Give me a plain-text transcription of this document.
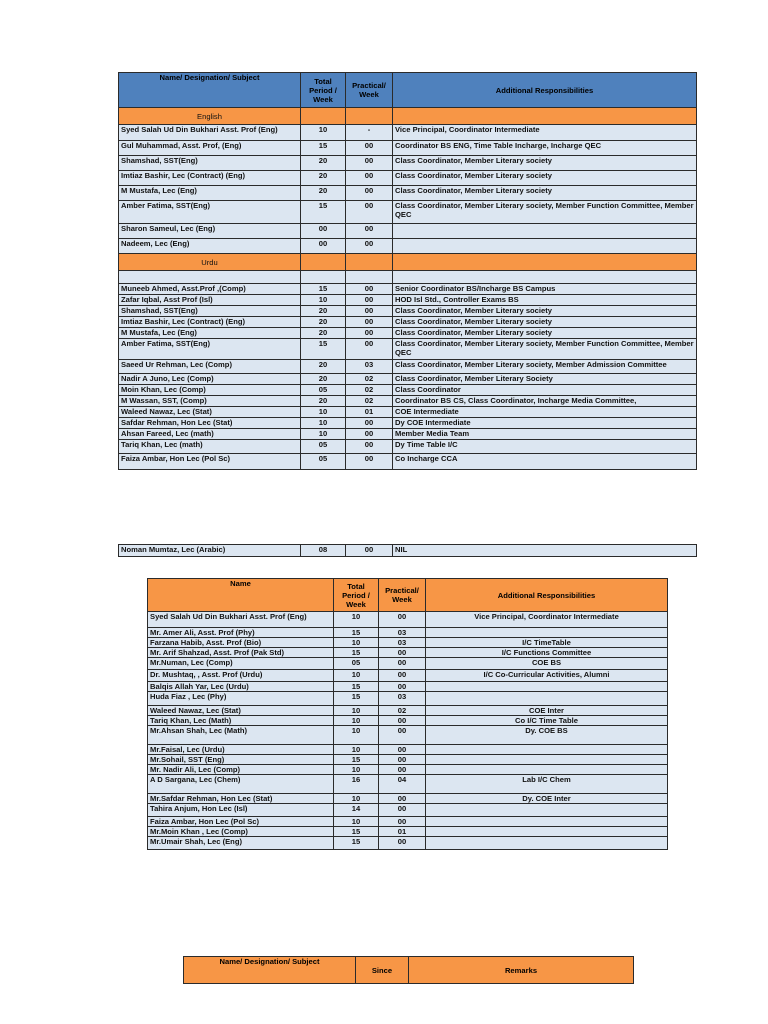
Name/ Designation/ Subject	Total Period / Week	Practical/ Week	Additional Responsibilities
English			
Syed Salah Ud Din Bukhari Asst. Prof (Eng)	10	-	Vice Principal, Coordinator Intermediate
Gul Muhammad, Asst. Prof, (Eng)	15	00	Coordinator BS ENG, Time Table Incharge, Incharge QEC
Shamshad, SST(Eng)	20	00	Class Coordinator, Member Literary society
Imtiaz Bashir, Lec (Contract) (Eng)	20	00	Class Coordinator, Member Literary society
M Mustafa, Lec (Eng)	20	00	Class Coordinator, Member Literary society
Amber Fatima, SST(Eng)	15	00	Class Coordinator, Member Literary society, Member Function Committee, Member QEC
Sharon Sameul, Lec (Eng)	00	00	
Nadeem, Lec (Eng)	00	00	
Urdu			

Muneeb Ahmed, Asst.Prof ,(Comp)	15	00	Senior Coordinator BS/Incharge BS Campus
Zafar Iqbal, Asst Prof (Isl)	10	00	HOD Isl Std., Controller Exams BS
Shamshad, SST(Eng)	20	00	Class Coordinator, Member Literary society
Imtiaz Bashir, Lec (Contract) (Eng)	20	00	Class Coordinator, Member Literary society
M Mustafa, Lec (Eng)	20	00	Class Coordinator, Member Literary society
Amber Fatima, SST(Eng)	15	00	Class Coordinator, Member Literary society, Member Function Committee, Member QEC
Saeed Ur Rehman, Lec (Comp)	20	03	Class Coordinator, Member Literary society, Member Admission Committee
Nadir A Juno, Lec (Comp)	20	02	Class Coordinator, Member Literary Society
Moin Khan, Lec (Comp)	05	02	Class Coordinator
M Wassan, SST, (Comp)	20	02	Coordinator BS CS, Class Coordinator, Incharge Media Committee,
Waleed Nawaz, Lec (Stat)	10	01	COE Intermediate
Safdar Rehman, Hon Lec (Stat)	10	00	Dy COE Intermediate
Ahsan Fareed, Lec (math)	10	00	Member Media Team
Tariq Khan, Lec (math)	05	00	Dy Time Table I/C
Faiza Ambar, Hon Lec (Pol Sc)	05	00	Co Incharge CCA
Noman Mumtaz, Lec (Arabic)	08	00	NIL
Name	Total Period / Week	Practical/ Week	Additional Responsibilities
Syed Salah Ud Din Bukhari Asst. Prof (Eng)	10	00	Vice Principal, Coordinator Intermediate
Mr. Amer Ali, Asst. Prof (Phy)	15	03	
Farzana Habib, Asst. Prof (Bio)	10	03	I/C TimeTable
Mr. Arif Shahzad, Asst. Prof (Pak Std)	15	00	I/C Functions Committee
Mr.Numan, Lec (Comp)	05	00	COE BS
Dr. Mushtaq, , Asst. Prof (Urdu)	10	00	I/C Co-Curricular Activities, Alumni
Balqis Allah Yar, Lec (Urdu)	15	00	
Huda Fiaz , Lec (Phy)	15	03	
Waleed Nawaz, Lec (Stat)	10	02	COE Inter
Tariq Khan, Lec (Math)	10	00	Co I/C Time Table
Mr.Ahsan Shah, Lec (Math)	10	00	Dy. COE BS
Mr.Faisal, Lec (Urdu)	10	00	
Mr.Sohail, SST (Eng)	15	00	
Mr. Nadir Ali, Lec (Comp)	10	00	
A D Sargana, Lec (Chem)	16	04	Lab I/C Chem
Mr.Safdar Rehman, Hon Lec (Stat)	10	00	Dy. COE Inter
Tahira Anjum, Hon Lec (Isl)	14	00	
Faiza Ambar, Hon Lec (Pol Sc)	10	00	
Mr.Moin Khan , Lec (Comp)	15	01	
Mr.Umair Shah, Lec (Eng)	15	00	
Name/ Designation/ Subject	Since	Remarks
